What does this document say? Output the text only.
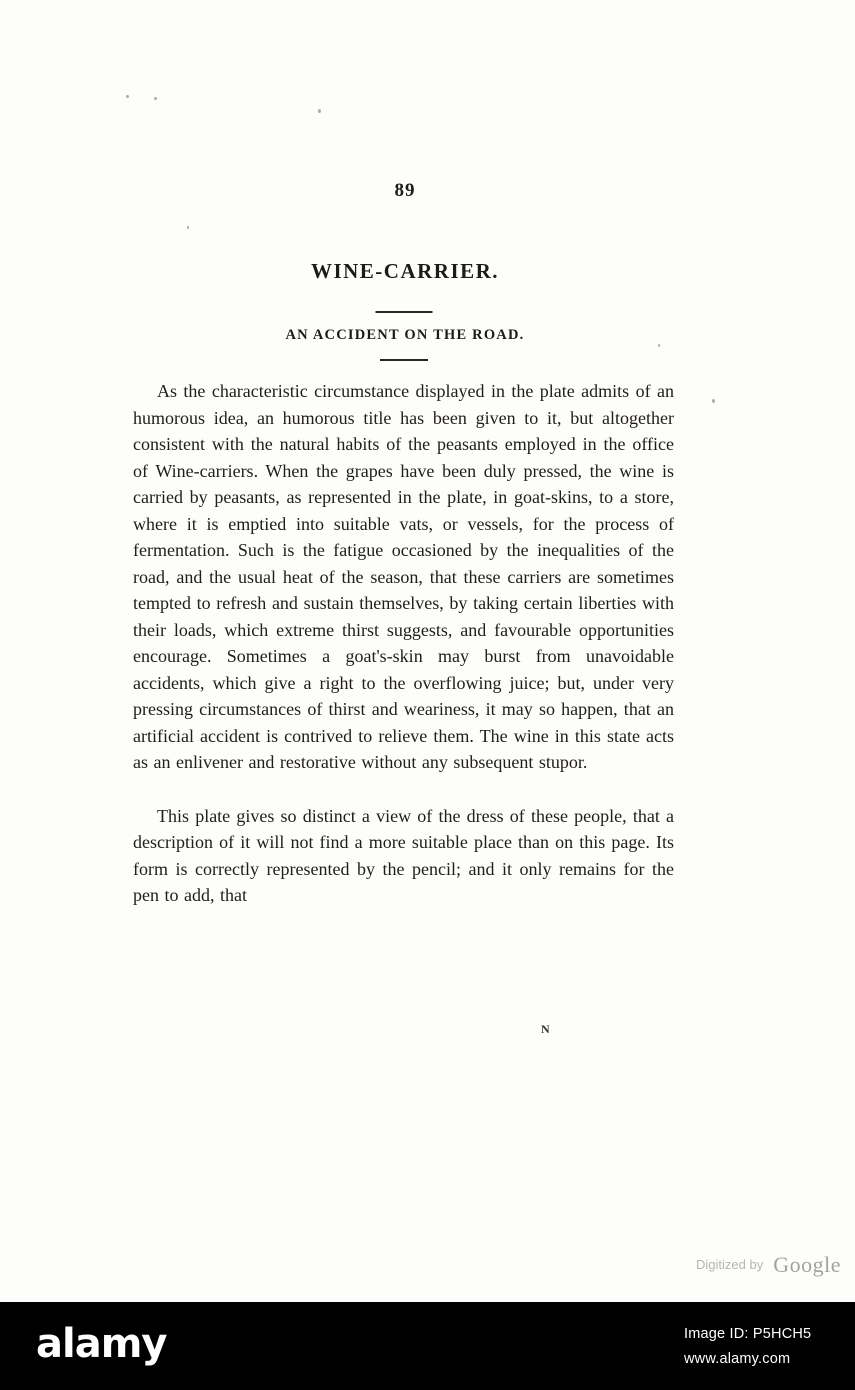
89
WINE-CARRIER.
AN ACCIDENT ON THE ROAD.

As the characteristic circumstance displayed in the plate admits of an humorous idea, an humorous title has been given to it, but altogether consistent with the natural habits of the peasants employed in the office of Wine-carriers. When the grapes have been duly pressed, the wine is carried by peasants, as represented in the plate, in goat-skins, to a store, where it is emptied into suitable vats, or vessels, for the process of fermentation. Such is the fatigue occasioned by the inequalities of the road, and the usual heat of the season, that these carriers are sometimes tempted to refresh and sustain themselves, by taking certain liberties with their loads, which extreme thirst suggests, and favourable opportunities encourage. Sometimes a goat's-skin may burst from unavoidable accidents, which give a right to the overflowing juice; but, under very pressing circumstances of thirst and weariness, it may so happen, that an artificial accident is contrived to relieve them. The wine in this state acts as an enlivener and restorative without any subsequent stupor.

This plate gives so distinct a view of the dress of these people, that a description of it will not find a more suitable place than on this page. Its form is correctly represented by the pencil; and it only remains for the pen to add, that

N
Digitized by Google
alamy	Image ID: P5HCH5
www.alamy.com
